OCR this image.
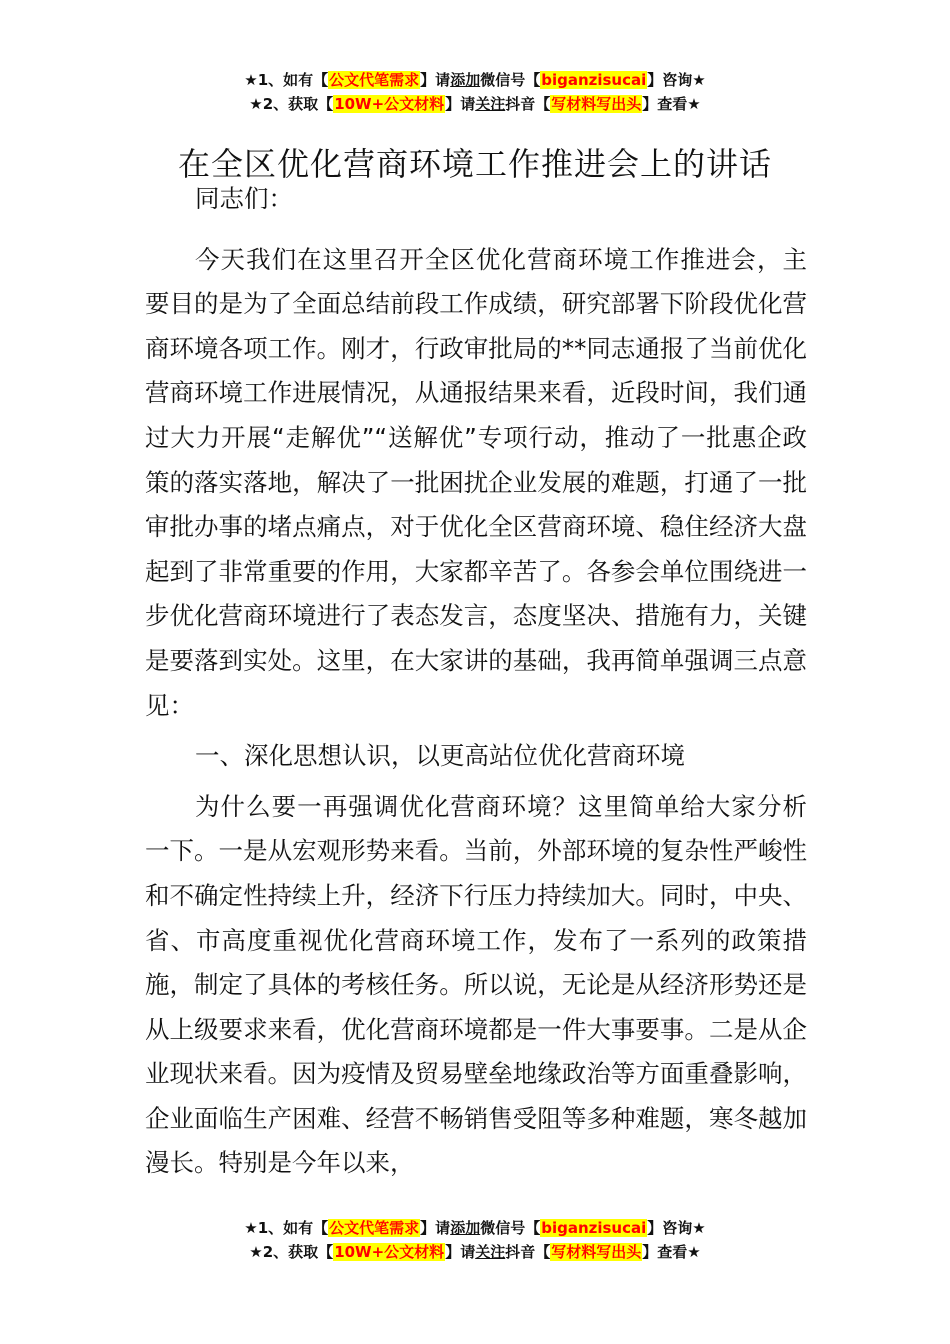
★1、如有【公文代笔需求】请添加微信号【biganzisucai】咨询★
★2、获取【10W+公文材料】请关注抖音【写材料写出头】查看★
在全区优化营商环境工作推进会上的讲话

同志们：

今天我们在这里召开全区优化营商环境工作推进会，主要目的是为了全面总结前段工作成绩，研究部署下阶段优化营商环境各项工作。刚才，行政审批局的**同志通报了当前优化营商环境工作进展情况，从通报结果来看，近段时间，我们通过大力开展“走解优”“送解优”专项行动，推动了一批惠企政策的落实落地，解决了一批困扰企业发展的难题，打通了一批审批办事的堵点痛点，对于优化全区营商环境、稳住经济大盘起到了非常重要的作用，大家都辛苦了。各参会单位围绕进一步优化营商环境进行了表态发言，态度坚决、措施有力，关键是要落到实处。这里，在大家讲的基础，我再简单强调三点意见：

一、深化思想认识，以更高站位优化营商环境

为什么要一再强调优化营商环境？这里简单给大家分析一下。一是从宏观形势来看。当前，外部环境的复杂性严峻性和不确定性持续上升，经济下行压力持续加大。同时，中央、省、市高度重视优化营商环境工作，发布了一系列的政策措施，制定了具体的考核任务。所以说，无论是从经济形势还是从上级要求来看，优化营商环境都是一件大事要事。二是从企业现状来看。因为疫情及贸易壁垒地缘政治等方面重叠影响，企业面临生产困难、经营不畅销售受阻等多种难题，寒冬越加漫长。特别是今年以来，

★1、如有【公文代笔需求】请添加微信号【biganzisucai】咨询★
★2、获取【10W+公文材料】请关注抖音【写材料写出头】查看★
